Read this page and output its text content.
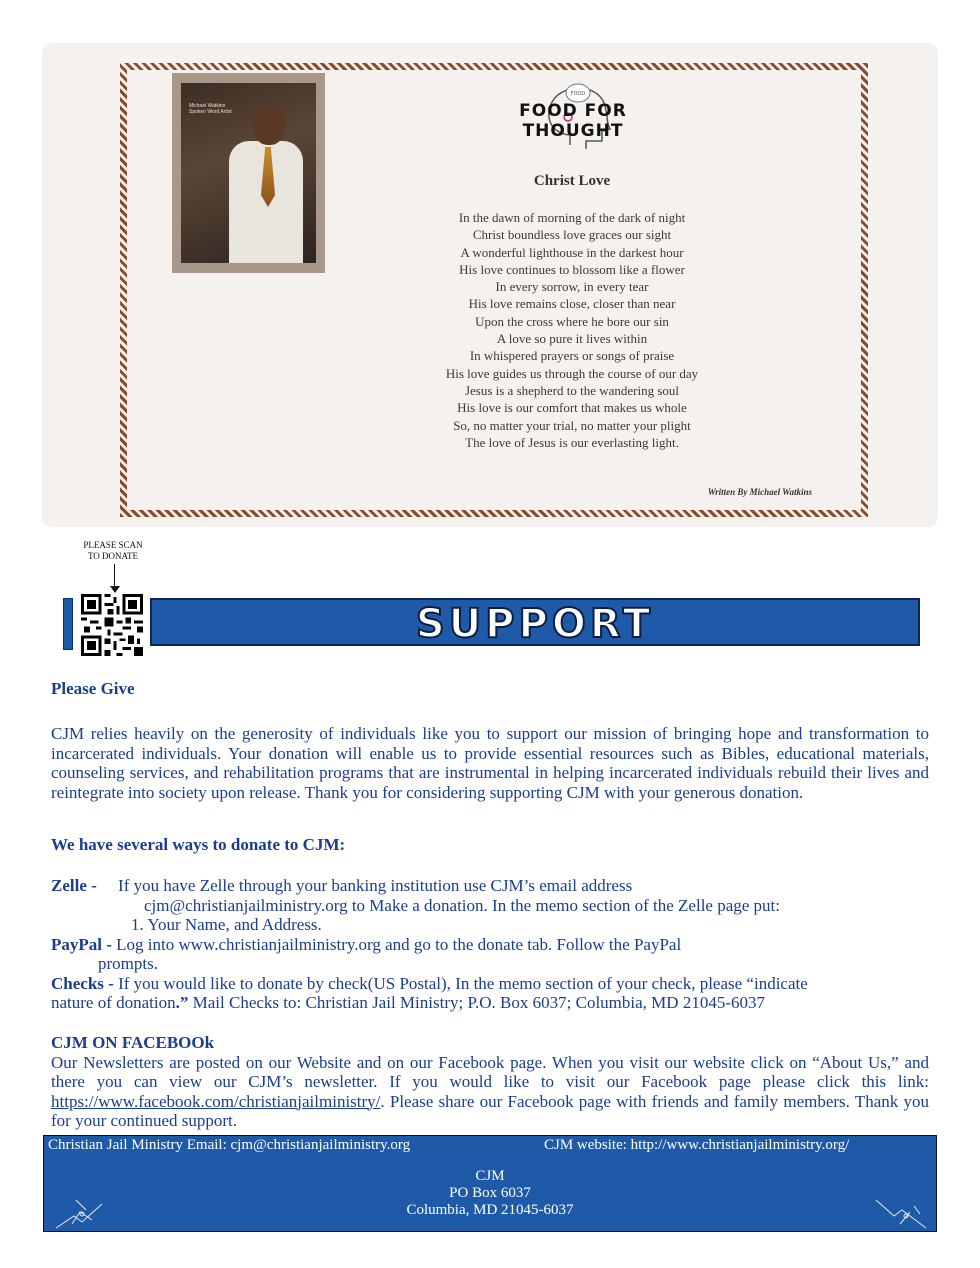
Michael Watkins
Spoken Word Artist
FOOD
FOOD FOR THOUGHT
Christ Love
In the dawn of morning of the dark of night
Christ boundless love graces our sight
A wonderful lighthouse in the darkest hour
His love continues to blossom like a flower
In every sorrow, in every tear
His love remains close, closer than near
Upon the cross where he bore our sin
A love so pure it lives within
In whispered prayers or songs of praise
His love guides us through the course of our day
Jesus is a shepherd to the wandering soul
His love is our comfort that makes us whole
So, no matter your trial, no matter your plight
The love of Jesus is our everlasting light.
Written By Michael Watkins
PLEASE SCAN
TO DONATE
SUPPORT
Please Give
CJM relies heavily on the generosity of individuals like you to support our mission of bringing hope and transformation to incarcerated individuals. Your donation will enable us to provide essential resources such as Bibles, educational materials, counseling services, and rehabilitation programs that are instrumental in helping incarcerated individuals rebuild their lives and reintegrate into society upon release. Thank you for considering supporting CJM with your generous donation.
We have several ways to donate to CJM:
Zelle - If you have Zelle through your banking institution use CJM’s email address
cjm@christianjailministry.org to Make a donation. In the memo section of the Zelle page put:
1. Your Name, and Address.
PayPal - Log into www.christianjailministry.org and go to the donate tab. Follow the PayPal
prompts.
Checks - If you would like to donate by check(US Postal), In the memo section of your check, please “indicate
nature of donation.” Mail Checks to: Christian Jail Ministry; P.O. Box 6037; Columbia, MD 21045-6037
CJM ON FACEBOOk
Our Newsletters are posted on our Website and on our Facebook page. When you visit our website click on “About Us,” and there you can view our CJM’s newsletter. If you would like to visit our Facebook page please click this link: https://www.facebook.com/christianjailministry/. Please share our Facebook page with friends and family members. Thank you for your continued support.
Christian Jail Ministry Email: cjm@christianjailministry.org	CJM website: http://www.christianjailministry.org/
CJM
PO Box 6037
Columbia, MD 21045-6037
